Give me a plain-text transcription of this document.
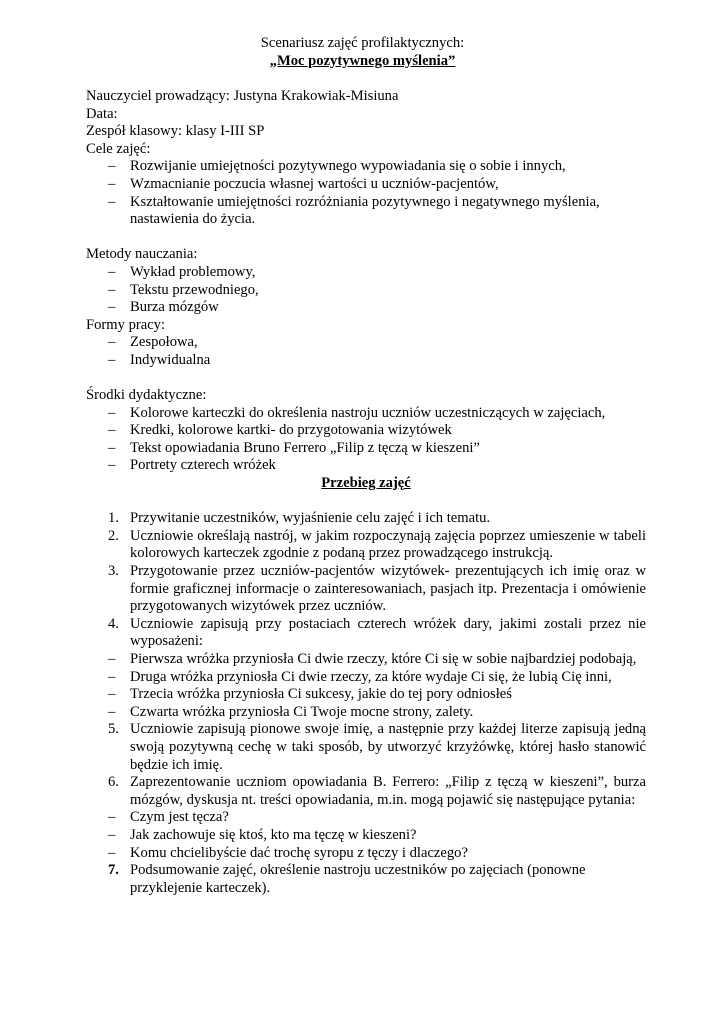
Scenariusz zajęć profilaktycznych:
„Moc pozytywnego myślenia”

Nauczyciel prowadzący: Justyna Krakowiak-Misiuna

Data:

Zespół klasowy: klasy I-III SP

Cele zajęć:

– Rozwijanie umiejętności pozytywnego wypowiadania się o sobie i innych,
– Wzmacnianie poczucia własnej wartości u uczniów-pacjentów,
– Kształtowanie umiejętności rozróżniania pozytywnego i negatywnego myślenia, nastawienia do życia.

Metody nauczania:

– Wykład problemowy,
– Tekstu przewodniego,
– Burza mózgów

Formy pracy:

– Zespołowa,
– Indywidualna

Środki dydaktyczne:

– Kolorowe karteczki do określenia nastroju uczniów uczestniczących w zajęciach,
– Kredki, kolorowe kartki- do przygotowania wizytówek
– Tekst opowiadania Bruno Ferrero „Filip z tęczą w kieszeni”
– Portrety czterech wróżek

Przebieg zajęć

1. Przywitanie uczestników, wyjaśnienie celu zajęć i ich tematu.
2. Uczniowie określają nastrój, w jakim rozpoczynają zajęcia poprzez umieszenie w tabeli kolorowych karteczek zgodnie z podaną przez prowadzącego instrukcją.
3. Przygotowanie przez uczniów-pacjentów wizytówek- prezentujących ich imię oraz w formie graficznej informacje o zainteresowaniach, pasjach itp. Prezentacja i omówienie przygotowanych wizytówek przez uczniów.
4. Uczniowie zapisują przy postaciach czterech wróżek dary, jakimi zostali przez nie wyposażeni:
– Pierwsza wróżka przyniosła Ci dwie rzeczy, które Ci się w sobie najbardziej podobają,
– Druga wróżka przyniosła Ci dwie rzeczy, za które wydaje Ci się, że lubią Cię inni,
– Trzecia wróżka przyniosła Ci sukcesy, jakie do tej pory odniosłeś
– Czwarta wróżka przyniosła Ci Twoje mocne strony, zalety.
5. Uczniowie zapisują pionowe swoje imię, a następnie przy każdej literze zapisują jedną swoją pozytywną cechę w taki sposób, by utworzyć krzyżówkę, której hasło stanowić będzie ich imię.
6. Zaprezentowanie uczniom opowiadania B. Ferrero: „Filip z tęczą w kieszeni”, burza mózgów, dyskusja nt. treści opowiadania, m.in. mogą pojawić się następujące pytania:
– Czym jest tęcza?
– Jak zachowuje się ktoś, kto ma tęczę w kieszeni?
– Komu chcielibyście dać trochę syropu z tęczy i dlaczego?
7. Podsumowanie zajęć, określenie nastroju uczestników po zajęciach (ponowne przyklejenie karteczek).
